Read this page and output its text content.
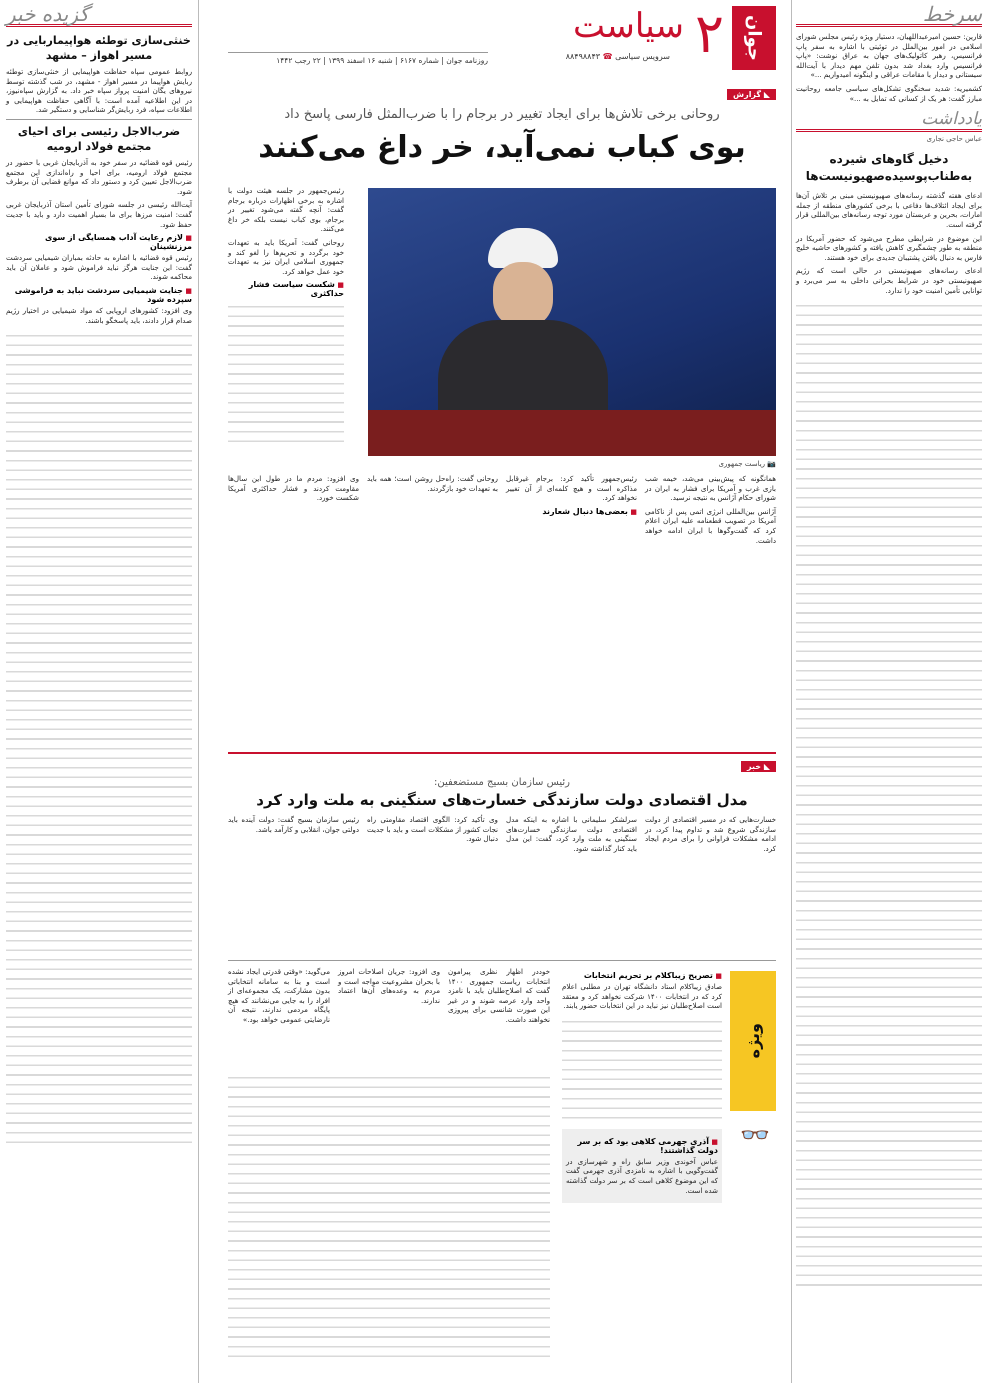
سرخط

قارین: حسین امیرعبداللهیان، دستیار ویژه رئیس مجلس شورای اسلامی در امور بین‌الملل در توئیتی با اشاره به سفر پاپ فرانسیس، رهبر کاتولیک‌های جهان به عراق نوشت: «پاپ فرانسیس وارد بغداد شد بدون تلفن مهم دیدار با آیت‌الله سیستانی و دیدار با مقامات عراقی و اینگونه امیدواریم ...»

کشمیریه: شدید سخنگوی تشکل‌های سیاسی جامعه روحانیت مبارز گفت: هر یک از کسانی که تمایل به ...»

یادداشت
عباس حاجی نجاری
دخیل گاوهای شیرده به‌طناب‌پوسیده‌صهیونیست‌ها

ادعای هفته گذشته رسانه‌های صهیونیستی مبنی بر تلاش آن‌ها برای ایجاد ائتلاف‌ها دفاعی با برخی کشورهای منطقه از جمله امارات، بحرین و عربستان مورد توجه رسانه‌های بین‌المللی قرار گرفته است.

این موضوع در شرایطی مطرح می‌شود که حضور آمریکا در منطقه به طور چشمگیری کاهش یافته و کشورهای حاشیه خلیج فارس به دنبال یافتن پشتیبان جدیدی برای خود هستند.

ادعای رسانه‌های صهیونیستی در حالی است که رژیم صهیونیستی خود در شرایط بحرانی داخلی به سر می‌برد و توانایی تأمین امنیت خود را ندارد.

جوان
۲
سیاست
سرویس سیاسی ☎ ۸۸۴۹۸۸۴۳
روزنامه جوان | شماره ۶۱۶۷ | شنبه ۱۶ اسفند ۱۳۹۹ | ۲۲ رجب ۱۴۴۲
◣ گزارش
روحانی برخی تلاش‌ها برای ایجاد تغییر در برجام را با ضرب‌المثل فارسی پاسخ داد
بوی کباب نمی‌آید، خر داغ می‌کنند

رئیس‌جمهور در جلسه هیئت دولت با اشاره به برخی اظهارات درباره برجام گفت: آنچه گفته می‌شود تغییر در برجام، بوی کباب نیست بلکه خر داغ می‌کنند.

روحانی گفت: آمریکا باید به تعهدات خود برگردد و تحریم‌ها را لغو کند و جمهوری اسلامی ایران نیز به تعهدات خود عمل خواهد کرد.

■ شکست سیاست فشار حداکثری
📷 ریاست جمهوری

همانگونه که پیش‌بینی می‌شد، خیمه شب بازی غرب و آمریکا برای فشار به ایران در شورای حکام آژانس به نتیجه نرسید.

آژانس بین‌المللی انرژی اتمی پس از ناکامی آمریکا در تصویب قطعنامه علیه ایران اعلام کرد که گفت‌وگوها با ایران ادامه خواهد داشت.

رئیس‌جمهور تأکید کرد: برجام غیرقابل مذاکره است و هیچ کلمه‌ای از آن تغییر نخواهد کرد.

■ بعضی‌ها دنبال شعارند

روحانی گفت: راه‌حل روشن است؛ همه باید به تعهدات خود بازگردند.

وی افزود: مردم ما در طول این سال‌ها مقاومت کردند و فشار حداکثری آمریکا شکست خورد.

◣ خبر
رئیس سازمان بسیج مستضعفین:
مدل اقتصادی دولت سازندگی خسارت‌های سنگینی به ملت وارد کرد

خسارت‌هایی که در مسیر اقتصادی از دولت سازندگی شروع شد و تداوم پیدا کرد، در ادامه مشکلات فراوانی را برای مردم ایجاد کرد.

سرلشکر سلیمانی با اشاره به اینکه مدل اقتصادی دولت سازندگی خسارت‌های سنگینی به ملت وارد کرد، گفت: این مدل باید کنار گذاشته شود.

وی تأکید کرد: الگوی اقتصاد مقاومتی راه نجات کشور از مشکلات است و باید با جدیت دنبال شود.

رئیس سازمان بسیج گفت: دولت آینده باید دولتی جوان، انقلابی و کارآمد باشد.

ویژه
👓
■ تصریح زیباکلام بر تحریم انتخابات

صادق زیباکلام استاد دانشگاه تهران در مطلبی اعلام کرد که در انتخابات ۱۴۰۰ شرکت نخواهد کرد و معتقد است اصلاح‌طلبان نیز نباید در این انتخابات حضور یابند.

■ آذری جهرمی کلاهی بود که بر سر دولت گذاشتند!

عباس آخوندی وزیر سابق راه و شهرسازی در گفت‌وگویی با اشاره به نامزدی آذری جهرمی گفت که این موضوع کلاهی است که بر سر دولت گذاشته شده است.

خوددر اظهار نظری پیرامون انتخابات ریاست جمهوری ۱۴۰۰ گفت که اصلاح‌طلبان باید با نامزد واحد وارد عرصه شوند و در غیر این صورت شانسی برای پیروزی نخواهند داشت.

وی افزود: جریان اصلاحات امروز با بحران مشروعیت مواجه است و مردم به وعده‌های آن‌ها اعتماد ندارند.

می‌گوید: «وقتی قدرتی ایجاد نشده است و بنا به سامانه انتخاباتی بدون مشارکت، یک مجموعه‌ای از افراد را به جایی می‌نشانند که هیچ پایگاه مردمی ندارند، نتیجه آن نارضایتی عمومی خواهد بود.»

گزیده خبر
خنثی‌سازی توطئه هواپیماربایی در مسیر اهواز – مشهد

روابط عمومی سپاه حفاظت هواپیمایی از خنثی‌سازی توطئه ربایش هواپیما در مسیر اهواز - مشهد، در شب گذشته توسط نیروهای یگان امنیت پرواز سپاه خبر داد. به گزارش سپاه‌نیوز، در این اطلاعیه آمده است: با آگاهی حفاظت هواپیمایی و اطلاعات سپاه، فرد ربایش‌گر شناسایی و دستگیر شد.

ضرب‌الاجل رئیسی برای احیای مجتمع فولاد ارومیه

رئیس قوه قضائیه در سفر خود به آذربایجان غربی با حضور در مجتمع فولاد ارومیه، برای احیا و راه‌اندازی این مجتمع ضرب‌الاجل تعیین کرد و دستور داد که موانع قضایی آن برطرف شود.

آیت‌الله رئیسی در جلسه شورای تأمین استان آذربایجان غربی گفت: امنیت مرزها برای ما بسیار اهمیت دارد و باید با جدیت حفظ شود.

■ لازم رعایت آداب همسایگی از سوی مرزنشینان

رئیس قوه قضائیه با اشاره به حادثه بمباران شیمیایی سردشت گفت: این جنایت هرگز نباید فراموش شود و عاملان آن باید محاکمه شوند.

■ جنایت شیمیایی سردشت نباید به فراموشی سپرده شود

وی افزود: کشورهای اروپایی که مواد شیمیایی در اختیار رژیم صدام قرار دادند، باید پاسخگو باشند.
